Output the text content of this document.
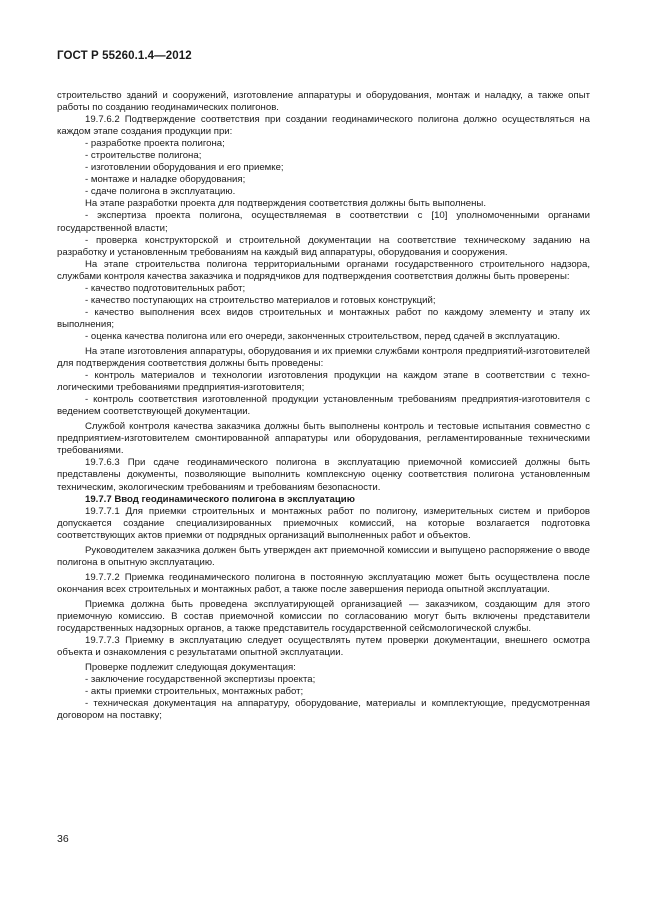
ГОСТ Р 55260.1.4—2012

строительство зданий и сооружений, изготовление аппаратуры и оборудования, монтаж и наладку, а также опыт работы по созданию геодинамических полигонов.

19.7.6.2 Подтверждение соответствия при создании геодинамического полигона должно осуществляться на каждом этапе создания продукции при:

- разработке проекта полигона;

- строительстве полигона;

- изготовлении оборудования и его приемке;

- монтаже и наладке оборудования;

- сдаче полигона в эксплуатацию.

На этапе разработки проекта для подтверждения соответствия должны быть выполнены.

- экспертиза проекта полигона, осуществляемая в соответствии с [10] уполномоченными органами государственной власти;

- проверка конструкторской и строительной документации на соответствие техническому заданию на разработку и установленным требованиям на каждый вид аппаратуры, оборудования и сооружения.

На этапе строительства полигона территориальными органами государственного строительного надзора, службами контроля качества заказчика и подрядчиков для подтверждения соответствия должны быть проверены:

- качество подготовительных работ;

- качество поступающих на строительство материалов и готовых конструкций;

- качество выполнения всех видов строительных и монтажных работ по каждому элементу и этапу их выполнения;

- оценка качества полигона или его очереди, законченных строительством, перед сдачей в эксплуатацию.

На этапе изготовления аппаратуры, оборудования и их приемки службами контроля предприятий-изготовителей для подтверждения соответствия должны быть проведены:

- контроль материалов и технологии изготовления продукции на каждом этапе в соответствии с технологическими требованиями предприятия-изготовителя;

- контроль соответствия изготовленной продукции установленным требованиям предприятия-изготовителя с ведением соответствующей документации.

Службой контроля качества заказчика должны быть выполнены контроль и тестовые испытания совместно с предприятием-изготовителем смонтированной аппаратуры или оборудования, регламентированные техническими требованиями.

19.7.6.3 При сдаче геодинамического полигона в эксплуатацию приемочной комиссией должны быть представлены документы, позволяющие выполнить комплексную оценку соответствия полигона установленным техническим, экологическим требованиям и требованиям безопасности.

19.7.7 Ввод геодинамического полигона в эксплуатацию

19.7.7.1 Для приемки строительных и монтажных работ по полигону, измерительных систем и приборов допускается создание специализированных приемочных комиссий, на которые возлагается подготовка соответствующих актов приемки от подрядных организаций выполненных работ и объектов.

Руководителем заказчика должен быть утвержден акт приемочной комиссии и выпущено распоряжение о вводе полигона в опытную эксплуатацию.

19.7.7.2 Приемка геодинамического полигона в постоянную эксплуатацию может быть осуществлена после окончания всех строительных и монтажных работ, а также после завершения периода опытной эксплуатации.

Приемка должна быть проведена эксплуатирующей организацией — заказчиком, создающим для этого приемочную комиссию. В состав приемочной комиссии по согласованию могут быть включены представители государственных надзорных органов, а также представитель государственной сейсмологической службы.

19.7.7.3 Приемку в эксплуатацию следует осуществлять путем проверки документации, внешнего осмотра объекта и ознакомления с результатами опытной эксплуатации.

Проверке подлежит следующая документация:

- заключение государственной экспертизы проекта;

- акты приемки строительных, монтажных работ;

- техническая документация на аппаратуру, оборудование, материалы и комплектующие, предусмотренная договором на поставку;

36
